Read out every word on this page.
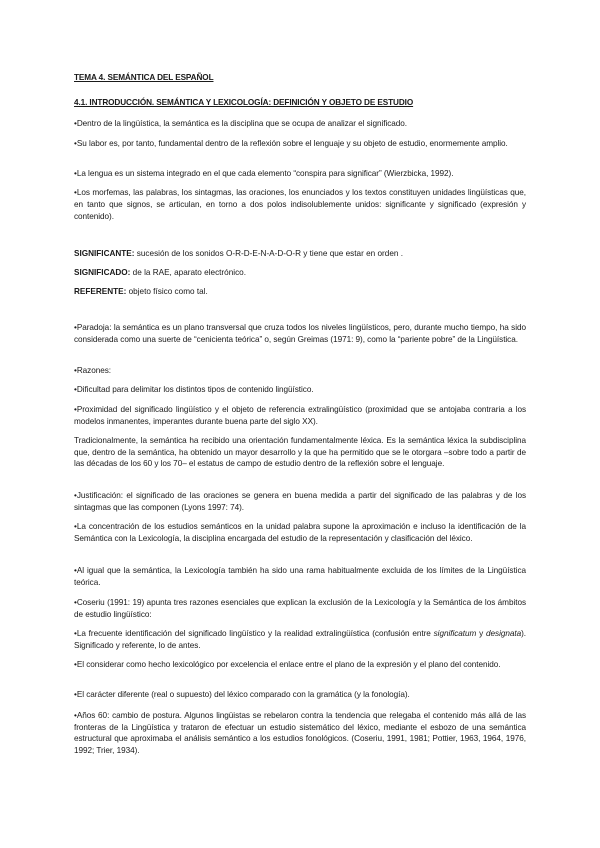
TEMA 4. SEMÁNTICA DEL ESPAÑOL
4.1. INTRODUCCIÓN. SEMÁNTICA Y LEXICOLOGÍA: DEFINICIÓN Y OBJETO DE ESTUDIO
•Dentro de la lingüística, la semántica es la disciplina que se ocupa de analizar el significado.
•Su labor es, por tanto, fundamental dentro de la reflexión sobre el lenguaje y su objeto de estudio, enormemente amplio.
•La lengua es un sistema integrado en el que cada elemento “conspira para significar” (Wierzbicka, 1992).
•Los morfemas, las palabras, los sintagmas, las oraciones, los enunciados y los textos constituyen unidades lingüísticas que, en tanto que signos, se articulan, en torno a dos polos indisolublemente unidos: significante y significado (expresión y contenido).
SIGNIFICANTE: sucesión de los sonidos O-R-D-E-N-A-D-O-R y tiene que estar en orden .
SIGNIFICADO: de la RAE, aparato electrónico.
REFERENTE: objeto físico como tal.
•Paradoja: la semántica es un plano transversal que cruza todos los niveles lingüísticos, pero, durante mucho tiempo, ha sido considerada como una suerte de “cenicienta teórica” o, según Greimas (1971: 9), como la “pariente pobre” de la Lingüística.
•Razones:
•Dificultad para delimitar los distintos tipos de contenido lingüístico.
•Proximidad del significado lingüístico y el objeto de referencia extralingüístico (proximidad que se antojaba contraria a los modelos inmanentes, imperantes durante buena parte del siglo XX).
Tradicionalmente, la semántica ha recibido una orientación fundamentalmente léxica. Es la semántica léxica la subdisciplina que, dentro de la semántica, ha obtenido un mayor desarrollo y la que ha permitido que se le otorgara –sobre todo a partir de las décadas de los 60 y los 70– el estatus de campo de estudio dentro de la reflexión sobre el lenguaje.
•Justificación: el significado de las oraciones se genera en buena medida a partir del significado de las palabras y de los sintagmas que las componen (Lyons 1997: 74).
•La concentración de los estudios semánticos en la unidad palabra supone la aproximación e incluso la identificación de la Semántica con la Lexicología, la disciplina encargada del estudio de la representación y clasificación del léxico.
•Al igual que la semántica, la Lexicología también ha sido una rama habitualmente excluida de los límites de la Lingüística teórica.
•Coseriu (1991: 19) apunta tres razones esenciales que explican la exclusión de la Lexicología y la Semántica de los ámbitos de estudio lingüístico:
•La frecuente identificación del significado lingüístico y la realidad extralingüística (confusión entre significatum y designata). Significado y referente, lo de antes.
•El considerar como hecho lexicológico por excelencia el enlace entre el plano de la expresión y el plano del contenido.
•El carácter diferente (real o supuesto) del léxico comparado con la gramática (y la fonología).
•Años 60: cambio de postura. Algunos lingüistas se rebelaron contra la tendencia que relegaba el contenido más allá de las fronteras de la Lingüística y trataron de efectuar un estudio sistemático del léxico, mediante el esbozo de una semántica estructural que aproximaba el análisis semántico a los estudios fonológicos. (Coseriu, 1991, 1981; Pottier, 1963, 1964, 1976, 1992; Trier, 1934).
